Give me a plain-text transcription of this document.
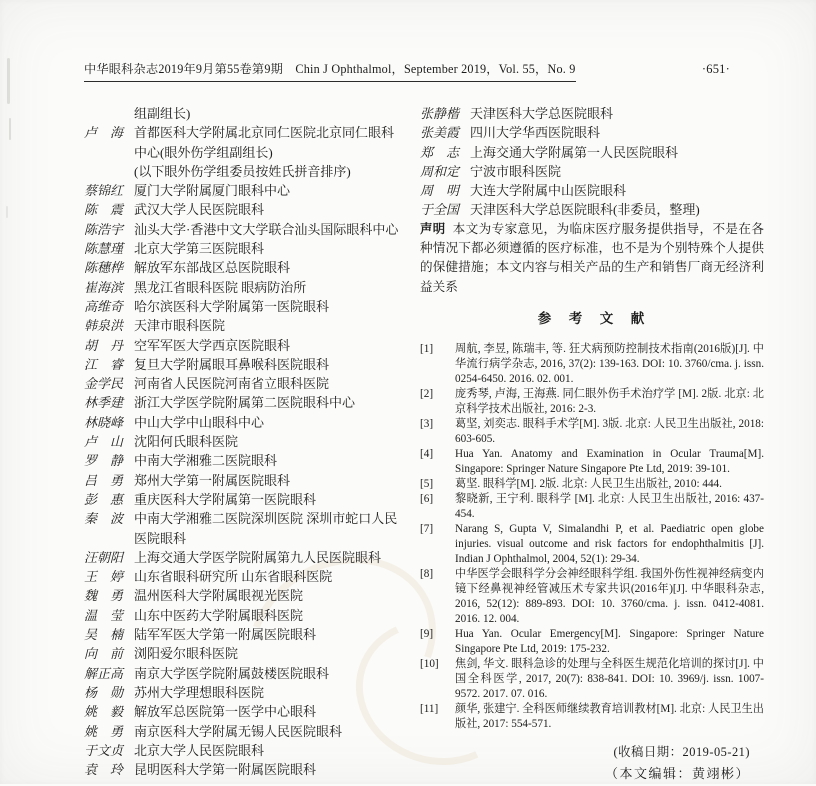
中华眼科杂志2019年9月第55卷第9期　Chin J Ophthalmol，September 2019，Vol. 55，No. 9	·651·
组副组长)
卢　海 首都医科大学附属北京同仁医院北京同仁眼科
中心(眼外伤学组副组长)
(以下眼外伤学组委员按姓氏拼音排序)
蔡锦红 厦门大学附属厦门眼科中心
陈　震 武汉大学人民医院眼科
陈浩宇 汕头大学·香港中文大学联合汕头国际眼科中心
陈慧瑾 北京大学第三医院眼科
陈穗桦 解放军东部战区总医院眼科
崔海滨 黑龙江省眼科医院 眼病防治所
高维奇 哈尔滨医科大学附属第一医院眼科
韩泉洪 天津市眼科医院
胡　丹 空军军医大学西京医院眼科
江　睿 复旦大学附属眼耳鼻喉科医院眼科
金学民 河南省人民医院河南省立眼科医院
林季建 浙江大学医学院附属第二医院眼科中心
林晓峰 中山大学中山眼科中心
卢　山 沈阳何氏眼科医院
罗　静 中南大学湘雅二医院眼科
吕　勇 郑州大学第一附属医院眼科
彭　惠 重庆医科大学附属第一医院眼科
秦　波 中南大学湘雅二医院深圳医院 深圳市蛇口人民
医院眼科
汪朝阳 上海交通大学医学院附属第九人民医院眼科
王　婷 山东省眼科研究所 山东省眼科医院
魏　勇 温州医科大学附属眼视光医院
温　莹 山东中医药大学附属眼科医院
吴　楠 陆军军医大学第一附属医院眼科
向　前 浏阳爱尔眼科医院
解正高 南京大学医学院附属鼓楼医院眼科
杨　勋 苏州大学理想眼科医院
姚　毅 解放军总医院第一医学中心眼科
姚　勇 南京医科大学附属无锡人民医院眼科
于文贞 北京大学人民医院眼科
袁　玲 昆明医科大学第一附属医院眼科
张静楷 天津医科大学总医院眼科
张美霞 四川大学华西医院眼科
郑　志 上海交通大学附属第一人民医院眼科
周和定 宁波市眼科医院
周　明 大连大学附属中山医院眼科
于全国 天津医科大学总医院眼科(非委员，整理)

声明 本文为专家意见，为临床医疗服务提供指导，不是在各种情况下都必须遵循的医疗标准，也不是为个别特殊个人提供的保健措施；本文内容与相关产品的生产和销售厂商无经济利益关系

参　考　文　献
[1]	周航, 李昱, 陈瑞丰, 等. 狂犬病预防控制技术指南(2016版)[J]. 中华流行病学杂志, 2016, 37(2): 139-163. DOI: 10. 3760/cma. j. issn. 0254-6450. 2016. 02. 001.
[2]	庞秀琴, 卢海, 王海燕. 同仁眼外伤手术治疗学 [M]. 2版. 北京: 北京科学技术出版社, 2016: 2-3.
[3]	葛坚, 刘奕志. 眼科手术学[M]. 3版. 北京: 人民卫生出版社, 2018: 603-605.
[4]	Hua Yan. Anatomy and Examination in Ocular Trauma[M]. Singapore: Springer Nature Singapore Pte Ltd, 2019: 39-101.
[5]	葛坚. 眼科学[M]. 2版. 北京: 人民卫生出版社, 2010: 444.
[6]	黎晓新, 王宁利. 眼科学 [M]. 北京: 人民卫生出版社, 2016: 437-454.
[7]	Narang S, Gupta V, Simalandhi P, et al. Paediatric open globe injuries. visual outcome and risk factors for endophthalmitis [J]. Indian J Ophthalmol, 2004, 52(1): 29-34.
[8]	中华医学会眼科学分会神经眼科学组. 我国外伤性视神经病变内镜下经鼻视神经管减压术专家共识(2016年)[J]. 中华眼科杂志, 2016, 52(12): 889-893. DOI: 10. 3760/cma. j. issn. 0412-4081. 2016. 12. 004.
[9]	Hua Yan. Ocular Emergency[M]. Singapore: Springer Nature Singapore Pte Ltd, 2019: 175-232.
[10]	焦剑, 华文. 眼科急诊的处理与全科医生规范化培训的探讨[J]. 中国全科医学, 2017, 20(7): 838-841. DOI: 10. 3969/j. issn. 1007-9572. 2017. 07. 016.
[11]	颜华, 张建宁. 全科医师继续教育培训教材[M]. 北京: 人民卫生出版社, 2017: 554-571.
(收稿日期：2019-05-21)
（本文编辑：黄翊彬）
